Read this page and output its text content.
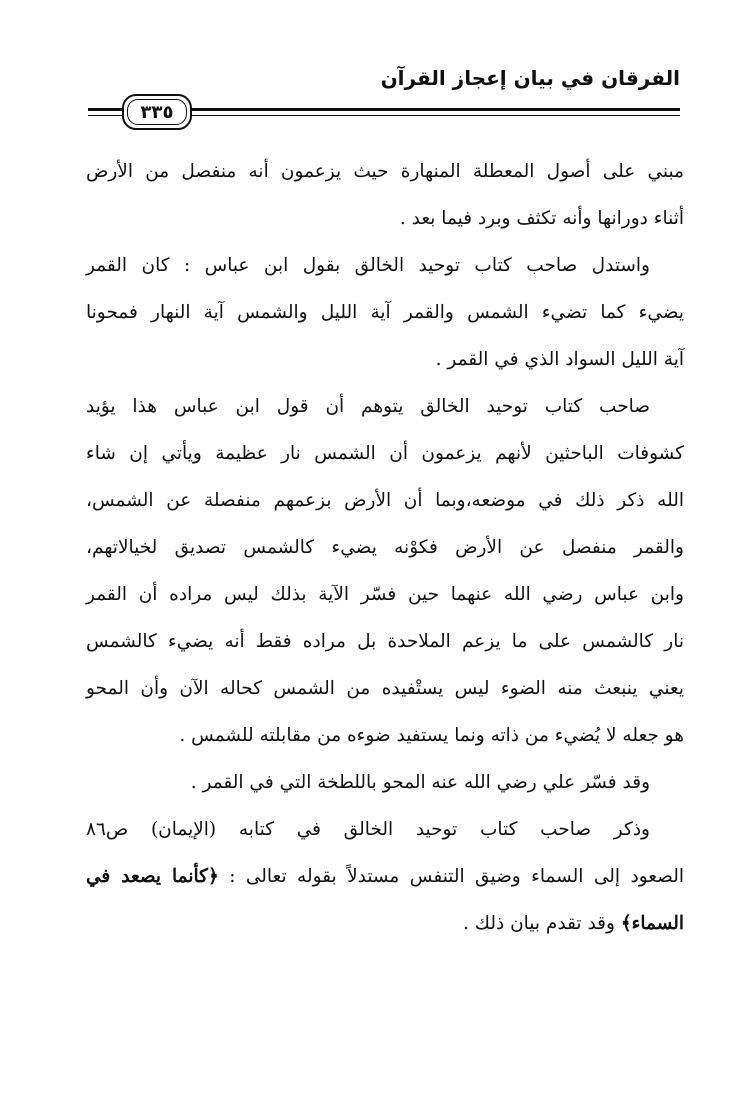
الفرقان في بيان إعجاز القرآن
٣٣٥
مبني على أصول المعطلة المنهارة حيث يزعمون أنه منفصل من الأرض
أثناء دورانها وأنه تكثف وبرد فيما بعد .
واستدل صاحب كتاب توحيد الخالق بقول ابن عباس : كان القمر
يضيء كما تضيء الشمس والقمر آية الليل والشمس آية النهار فمحونا
آية الليل السواد الذي في القمر .
صاحب كتاب توحيد الخالق يتوهم أن قول ابن عباس هذا يؤيد
كشوفات الباحثين لأنهم يزعمون أن الشمس نار عظيمة ويأتي إن شاء
الله ذكر ذلك في موضعه،وبما أن الأرض بزعمهم منفصلة عن الشمس،
والقمر منفصل عن الأرض فكوْنه يضيء كالشمس تصديق لخيالاتهم،
وابن عباس رضي الله عنهما حين فسّر الآية بذلك ليس مراده أن القمر
نار كالشمس على ما يزعم الملاحدة بل مراده فقط أنه يضيء كالشمس
يعني ينبعث منه الضوء ليس يستْفيده من الشمس كحاله الآن وأن المحو
هو جعله لا يُضيء من ذاته ونما يستفيد ضوءه من مقابلته للشمس .
وقد فسّر علي رضي الله عنه المحو باللطخة التي في القمر .
وذكر صاحب كتاب توحيد الخالق في كتابه (الإيمان) ص٨٦
الصعود إلى السماء وضيق التنفس مستدلاً بقوله تعالى : ﴿كأنما يصعد في
السماء﴾ وقد تقدم بيان ذلك .
